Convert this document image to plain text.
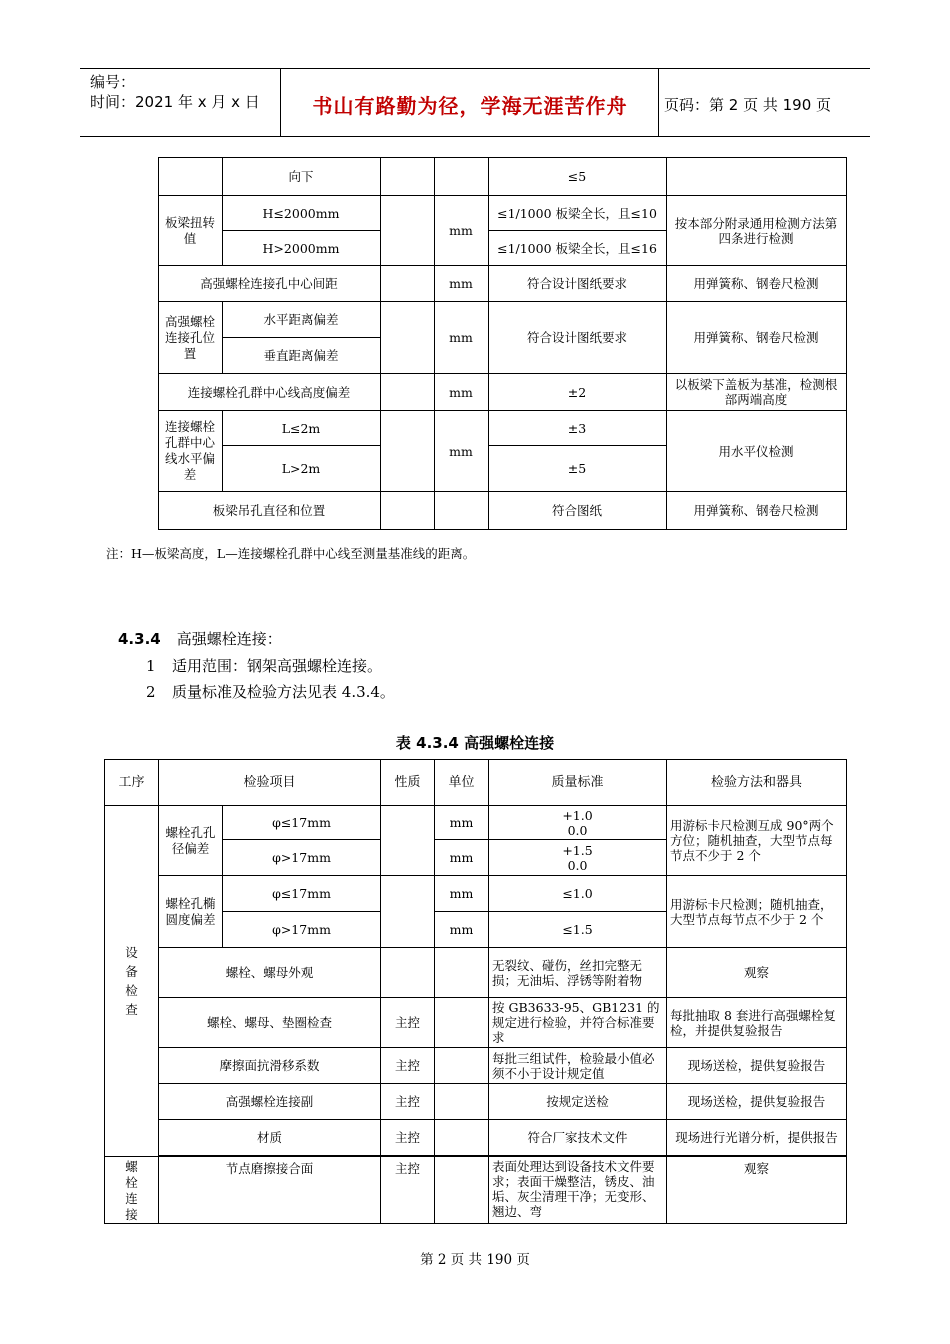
编号：
时间：2021 年 x 月 x 日	书山有路勤为径，学海无涯苦作舟	页码：第 2 页 共 190 页
		向下			≤5	
	板梁扭转值	H≤2000mm		mm	≤1/1000 板梁全长，且≤10	按本部分附录通用检测方法第四条进行检测
		H>2000mm			≤1/1000 板梁全长，且≤16	
	高强螺栓连接孔中心间距			mm	符合设计图纸要求	用弹簧称、钢卷尺检测
	高强螺栓连接孔位置	水平距离偏差		mm	符合设计图纸要求	用弹簧称、钢卷尺检测
		垂直距离偏差				
	连接螺栓孔群中心线高度偏差			mm	±2	以板梁下盖板为基准，检测根部两端高度
	连接螺栓孔群中心线水平偏差	L≤2m		mm	±3	用水平仪检测
		L>2m			±5	
	板梁吊孔直径和位置				符合图纸	用弹簧称、钢卷尺检测
注：H—板梁高度，L—连接螺栓孔群中心线至测量基准线的距离。
4.3.4 高强螺栓连接：
1 适用范围：钢架高强螺栓连接。
2 质量标准及检验方法见表 4.3.4。
表 4.3.4 高强螺栓连接
工序	检验项目		性质	单位	质量标准	检验方法和器具

设备检查	螺栓孔孔径偏差	φ≤17mm		mm	+1.0 0.0	用游标卡尺检测互成 90°两个方位；随机抽查，大型节点每节点不少于 2 个
		φ>17mm		mm	+1.5 0.0	

	螺栓孔椭圆度偏差	φ≤17mm		mm	≤1.0	用游标卡尺检测；随机抽查，大型节点每节点不少于 2 个
		φ>17mm		mm	≤1.5	
	螺栓、螺母外观				无裂纹、碰伤，丝扣完整无损；无油垢、浮锈等附着物	观察
	螺栓、螺母、垫圈检查		主控		按 GB3633-95、GB1231 的规定进行检验，并符合标准要求	每批抽取 8 套进行高强螺栓复检，并提供复验报告
	摩擦面抗滑移系数		主控		每批三组试件，检验最小值必须不小于设计规定值	现场送检，提供复验报告
	高强螺栓连接副		主控		按规定送检	现场送检，提供复验报告
	材质		主控		符合厂家技术文件	现场进行光谱分析，提供报告

螺栓连接	节点磨擦接合面		主控		表面处理达到设备技术文件要求；表面干燥整洁，锈皮、油垢、灰尘清理干净；无变形、翘边、弯	观察
第 2 页 共 190 页
